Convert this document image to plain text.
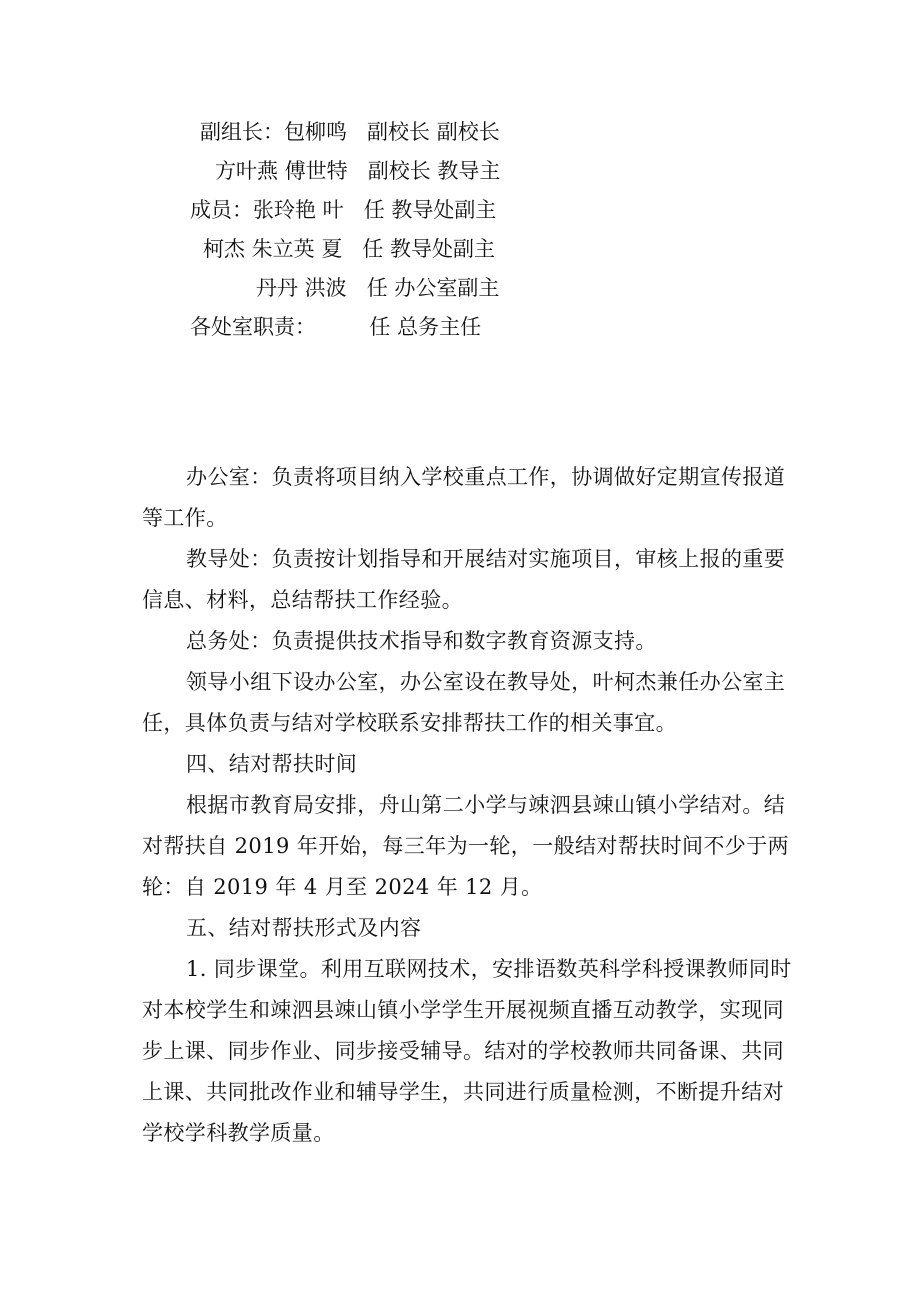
副组长：包柳鸣   副校长 副校长
方叶燕 傅世特   副校长 教导主
成员：张玲艳 叶   任 教导处副主
柯杰 朱立英 夏   任 教导处副主
丹丹 洪波   任 办公室副主
各处室职责：        任 总务主任
办公室：负责将项目纳入学校重点工作，协调做好定期宣传报道等工作。
教导处：负责按计划指导和开展结对实施项目，审核上报的重要信息、材料，总结帮扶工作经验。
总务处：负责提供技术指导和数字教育资源支持。
领导小组下设办公室，办公室设在教导处，叶柯杰兼任办公室主任，具体负责与结对学校联系安排帮扶工作的相关事宜。
四、结对帮扶时间
根据市教育局安排，舟山第二小学与竦泗县竦山镇小学结对。结对帮扶自 2019 年开始，每三年为一轮，一般结对帮扶时间不少于两轮：自 2019 年 4 月至 2024 年 12 月。
五、结对帮扶形式及内容
1. 同步课堂。利用互联网技术，安排语数英科学科授课教师同时对本校学生和竦泗县竦山镇小学学生开展视频直播互动教学，实现同步上课、同步作业、同步接受辅导。结对的学校教师共同备课、共同上课、共同批改作业和辅导学生，共同进行质量检测，不断提升结对学校学科教学质量。
